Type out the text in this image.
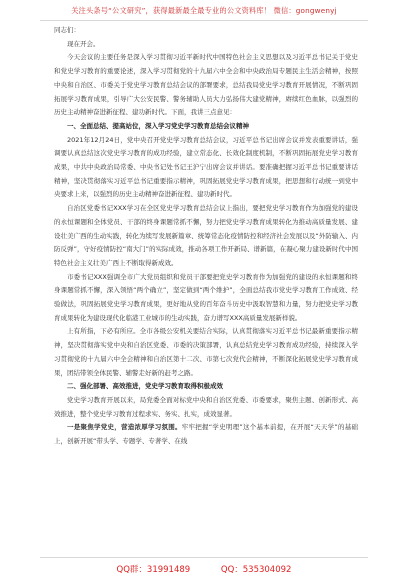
关注头条号“公文研究”，获得最新最全最专业的公文资料库！ 微信：gongwenyj

同志们：

现在开会。

今天会议的主要任务是深入学习贯彻习近平新时代中国特色社会主义思想以及习近平总书记关于党史和党史学习教育的重要论述，深入学习贯彻党的十九届六中全会和中央政治局专题民主生活会精神，按照中央和自治区、市委关于党史学习教育总结会议的部署要求，总结我局党史学习教育开展情况，不断巩固拓展学习教育成果，引导广大公安民警、警务辅助人员大力弘扬伟大建党精神，赓续红色血脉，以强烈的历史主动精神奋进新征程、建功新时代。下面，我讲三点意见：

一、全面总结、提高站位，深入学习党史学习教育总结会议精神

2021年12月24日，党中央召开党史学习教育总结会议，习近平总书记出席会议并发表重要讲话，强调要认真总结这次党史学习教育的成功经验，建立常态化、长效化制度机制，不断巩固拓展党史学习教育成果，中共中央政治局常委、中央书记处书记王沪宁出席会议并讲话。要准确把握习近平总书记重要讲话精神，坚决贯彻落实习近平总书记重要指示精神，巩固拓展党史学习教育成果，把思想和行动统一到党中央要求上来，以强烈的历史主动精神奋进新征程、建功新时代。

自治区党委书记XXX学习在全区党史学习教育总结会议上指出，要把党史学习教育作为加强党的建设的永恒课题和全体党员、干部的终身课题常抓不懈，努力把党史学习教育成果转化为推动高质量发展、建设壮美广西的生动实践，转化为续写发展新篇章、统筹常态化疫情防控和经济社会发展以及“外防输入、内防反弹”，守好疫情防控“南大门”的实际成效，推动各项工作开新局、谱新篇，在凝心聚力建设新时代中国特色社会主义壮美广西上不断取得新成效。

市委书记XXX强调全市广大党员组织和党员干部要把党史学习教育作为加强党的建设的永恒课题和终身课题常抓不懈，深入领悟“两个确立”，坚定做到“两个维护”，全面总结我市党史学习教育工作成效、经验做法，巩固拓展党史学习教育成果，更好地从党的百年奋斗历史中汲取智慧和力量，努力把党史学习教育成果转化为建设现代化临港工业城市的生动实践，奋力谱写XXX高质量发展新样貌。

上有所指，下必有所应。全市各级公安机关要结合实际，认真贯彻落实习近平总书记最新重要指示精神，坚决贯彻落实党中央和自治区党委、市委的决策部署，认真总结党史学习教育成功经验，持续深入学习贯彻党的十九届六中全会精神和自治区第十二次、市第七次党代会精神，不断深化拓展党史学习教育成果，团结带领全体民警、辅警走好新的赶考之路。

二、强化部署、高效推进，党史学习教育取得积极成效

党史学习教育开展以来，局党委全面对标党中央和自治区党委、市委要求，聚焦主题、创新形式、高效推进，整个党史学习教育过程求实、务实、扎实，成效显著。

一是聚焦学党史，营造浓厚学习氛围。牢牢把握“学史明理”这个基本前提，在开展“天天学”的基础上，创新开展“带头学、专题学、专著学、在线

QQ群：31991489	QQ：535304092
